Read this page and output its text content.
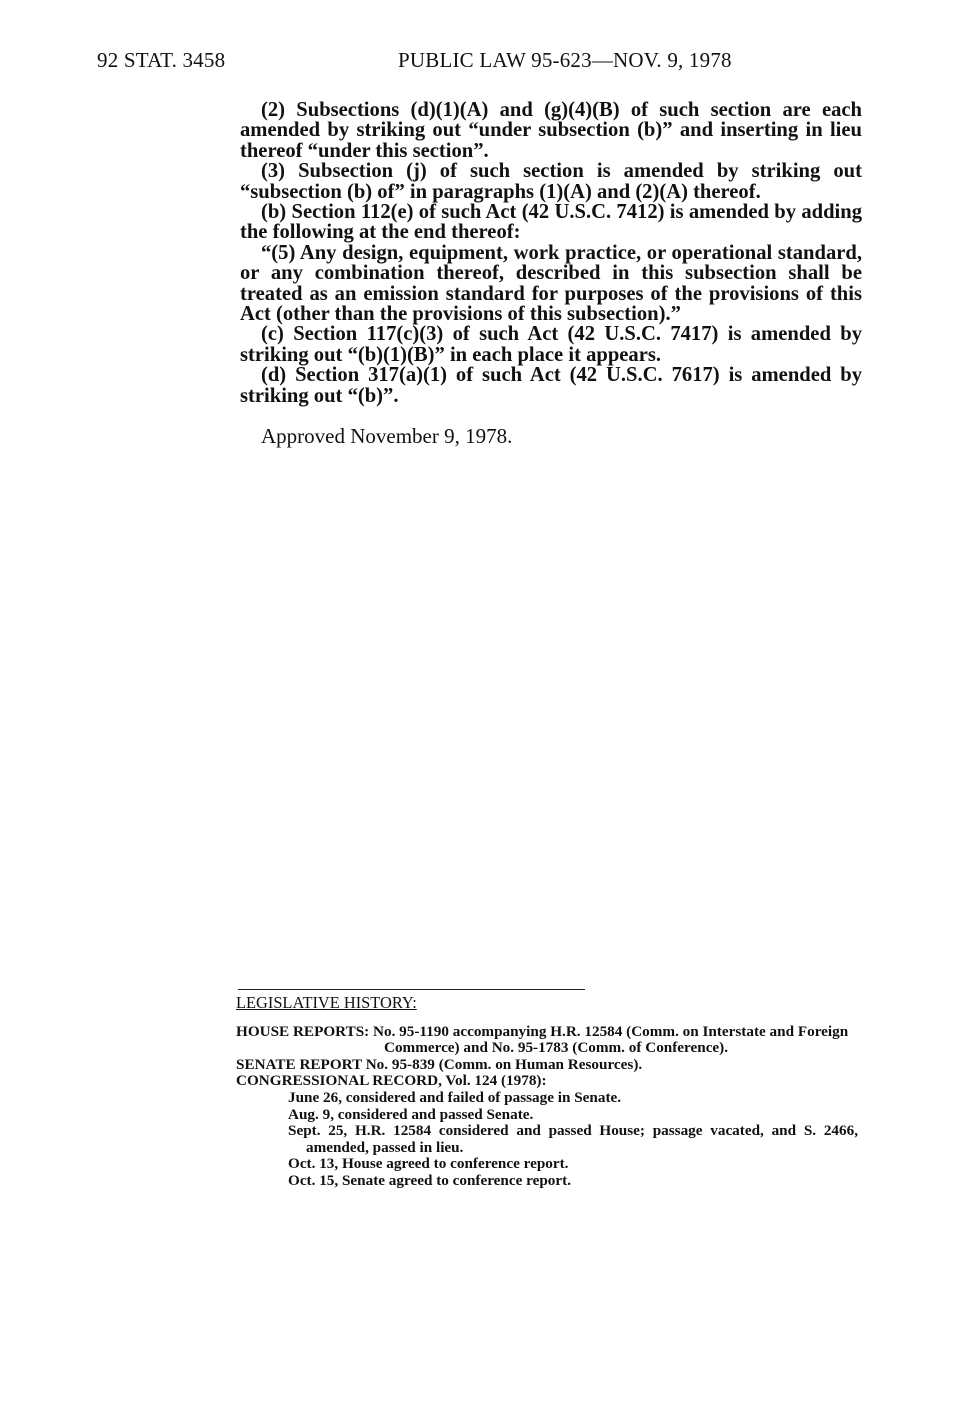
92 STAT. 3458	PUBLIC LAW 95-623—NOV. 9, 1978

(2) Subsections (d)(1)(A) and (g)(4)(B) of such section are each amended by striking out “under subsection (b)” and inserting in lieu thereof “under this section”.

(3) Subsection (j) of such section is amended by striking out “subsection (b) of” in paragraphs (1)(A) and (2)(A) thereof.

(b) Section 112(e) of such Act (42 U.S.C. 7412) is amended by adding the following at the end thereof:

“(5) Any design, equipment, work practice, or operational standard, or any combination thereof, described in this subsection shall be treated as an emission standard for purposes of the provisions of this Act (other than the provisions of this subsection).”

(c) Section 117(c)(3) of such Act (42 U.S.C. 7417) is amended by striking out “(b)(1)(B)” in each place it appears.

(d) Section 317(a)(1) of such Act (42 U.S.C. 7617) is amended by striking out “(b)”.

Approved November 9, 1978.

LEGISLATIVE HISTORY:

HOUSE REPORTS: No. 95-1190 accompanying H.R. 12584 (Comm. on Interstate and Foreign Commerce) and No. 95-1783 (Comm. of Conference).

SENATE REPORT No. 95-839 (Comm. on Human Resources).

CONGRESSIONAL RECORD, Vol. 124 (1978):

June 26, considered and failed of passage in Senate.

Aug. 9, considered and passed Senate.

Sept. 25, H.R. 12584 considered and passed House; passage vacated, and S. 2466, amended, passed in lieu.

Oct. 13, House agreed to conference report.

Oct. 15, Senate agreed to conference report.
